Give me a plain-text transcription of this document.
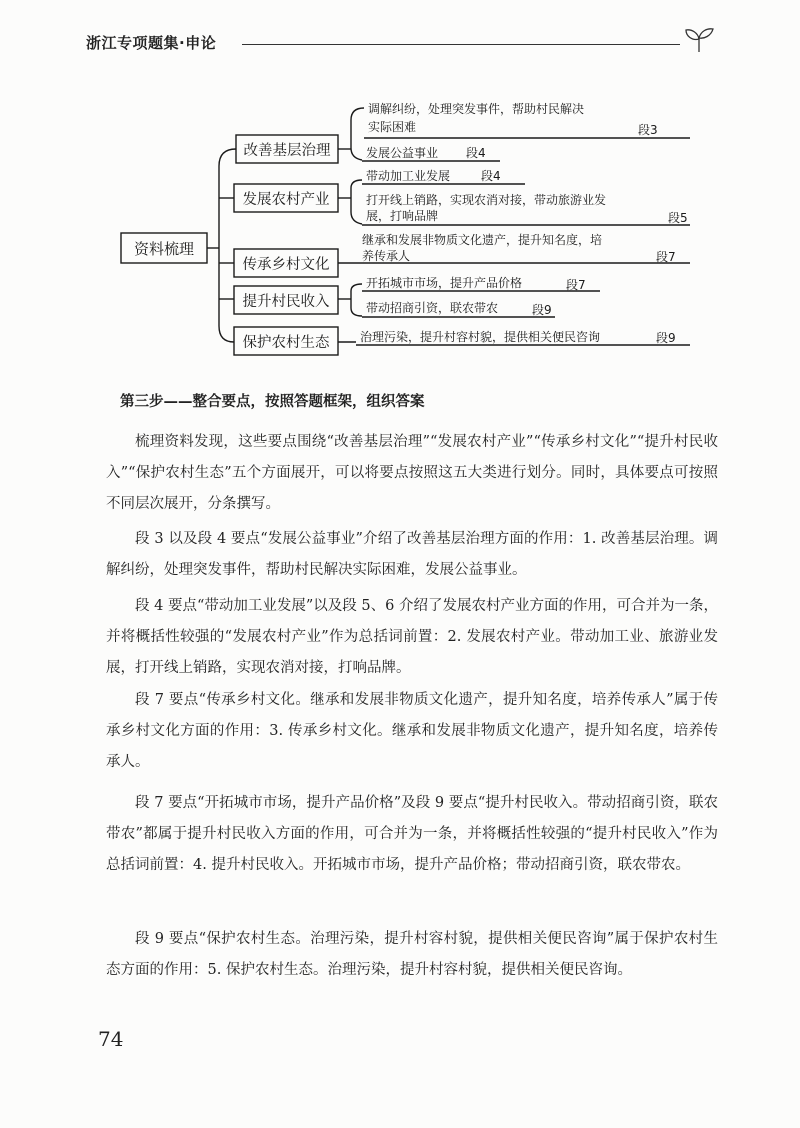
浙江专项题集·申论
资料梳理
改善基层治理
发展农村产业
传承乡村文化
提升村民收入
保护农村生态
调解纠纷，处理突发事件，帮助村民解决
实际困难	段3
发展公益事业 段4
带动加工业发展	段4
打开线上销路，实现农消对接，带动旅游业发
展，打响品牌	段5
继承和发展非物质文化遗产，提升知名度，培
养传承人	段7
开拓城市市场，提升产品价格	段7
带动招商引资，联农带农	段9
治理污染，提升村容村貌，提供相关便民咨询	段9
第三步——整合要点，按照答题框架，组织答案

梳理资料发现，这些要点围绕“改善基层治理”“发展农村产业”“传承乡村文化”“提升村民收入”“保护农村生态”五个方面展开，可以将要点按照这五大类进行划分。同时，具体要点可按照不同层次展开，分条撰写。

段 3 以及段 4 要点“发展公益事业”介绍了改善基层治理方面的作用：1. 改善基层治理。调解纠纷，处理突发事件，帮助村民解决实际困难，发展公益事业。

段 4 要点“带动加工业发展”以及段 5、6 介绍了发展农村产业方面的作用，可合并为一条，并将概括性较强的“发展农村产业”作为总括词前置：2. 发展农村产业。带动加工业、旅游业发展，打开线上销路，实现农消对接，打响品牌。

段 7 要点“传承乡村文化。继承和发展非物质文化遗产，提升知名度，培养传承人”属于传承乡村文化方面的作用：3. 传承乡村文化。继承和发展非物质文化遗产，提升知名度，培养传承人。

段 7 要点“开拓城市市场，提升产品价格”及段 9 要点“提升村民收入。带动招商引资，联农带农”都属于提升村民收入方面的作用，可合并为一条，并将概括性较强的“提升村民收入”作为总括词前置：4. 提升村民收入。开拓城市市场，提升产品价格；带动招商引资，联农带农。

段 9 要点“保护农村生态。治理污染，提升村容村貌，提供相关便民咨询”属于保护农村生态方面的作用：5. 保护农村生态。治理污染，提升村容村貌，提供相关便民咨询。

74
